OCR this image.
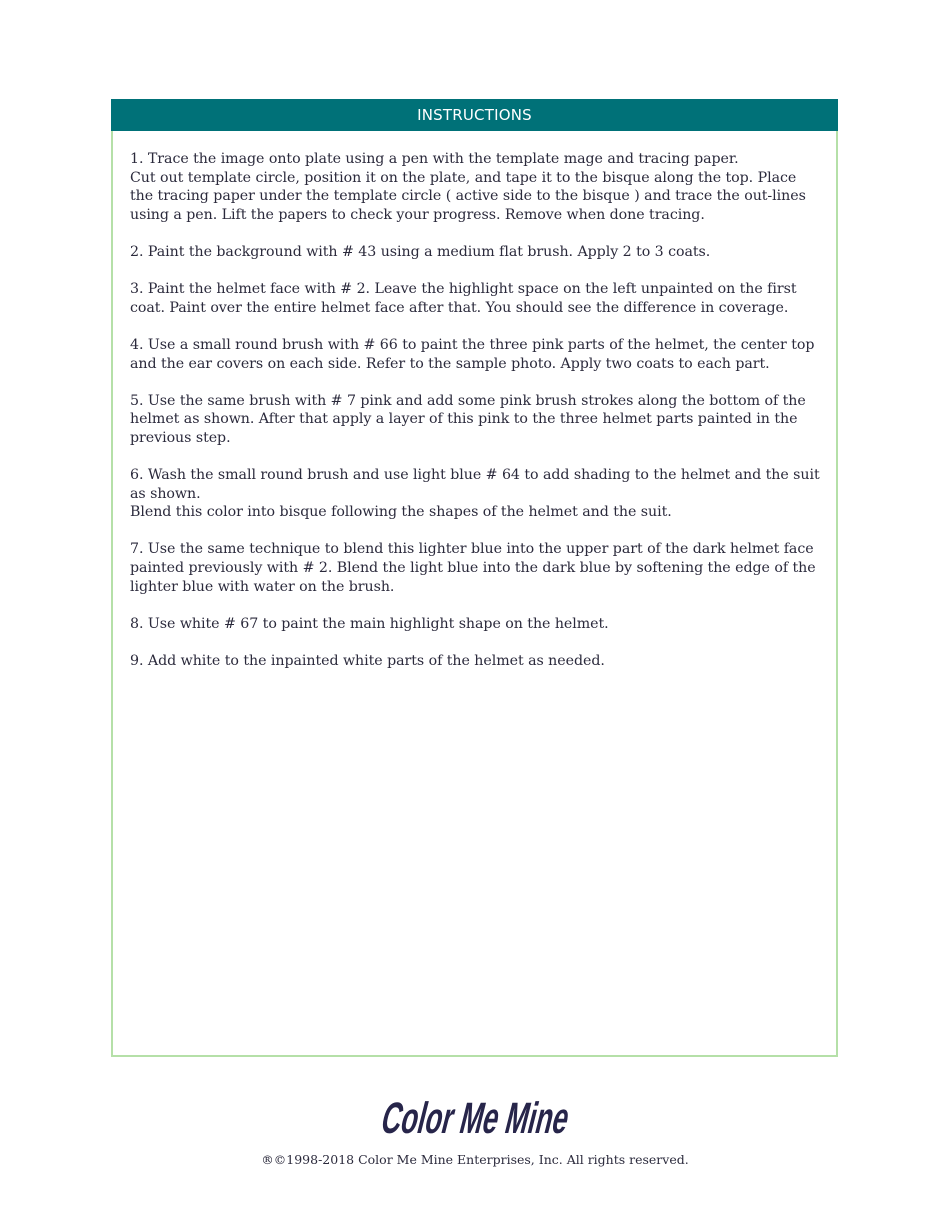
INSTRUCTIONS
1. Trace the image onto plate using a pen with the template mage and tracing paper.
Cut out template circle, position it on the plate, and tape it to the bisque along the top. Place the tracing paper under the template circle ( active side to the bisque ) and trace the out-lines using a pen. Lift the papers to check your progress. Remove when done tracing.
2. Paint the background with # 43 using a medium flat brush. Apply 2 to 3 coats.
3. Paint the helmet face with # 2. Leave the highlight space on the left unpainted on the first coat. Paint over the entire helmet face after that. You should see the difference in coverage.
4. Use a small round brush with # 66 to paint the three pink parts of the helmet, the center top and the ear covers on each side. Refer to the sample photo. Apply two coats to each part.
5. Use the same brush with # 7 pink and add some pink brush strokes along the bottom of the helmet as shown. After that apply a layer of this pink to the three helmet parts painted in the previous step.
6. Wash the small round brush and use light blue # 64 to add shading to the helmet and the suit as shown.
Blend this color into bisque following the shapes of the helmet and the suit.
7. Use the same technique to blend this lighter blue into the upper part of the dark helmet face painted previously with # 2. Blend the light blue into the dark blue by softening the edge of the lighter blue with water on the brush.
8. Use white # 67 to paint the main highlight shape on the helmet.
9. Add white to the inpainted white parts of the helmet as needed.
Color Me Mine
®©1998-2018 Color Me Mine Enterprises, Inc. All rights reserved.
